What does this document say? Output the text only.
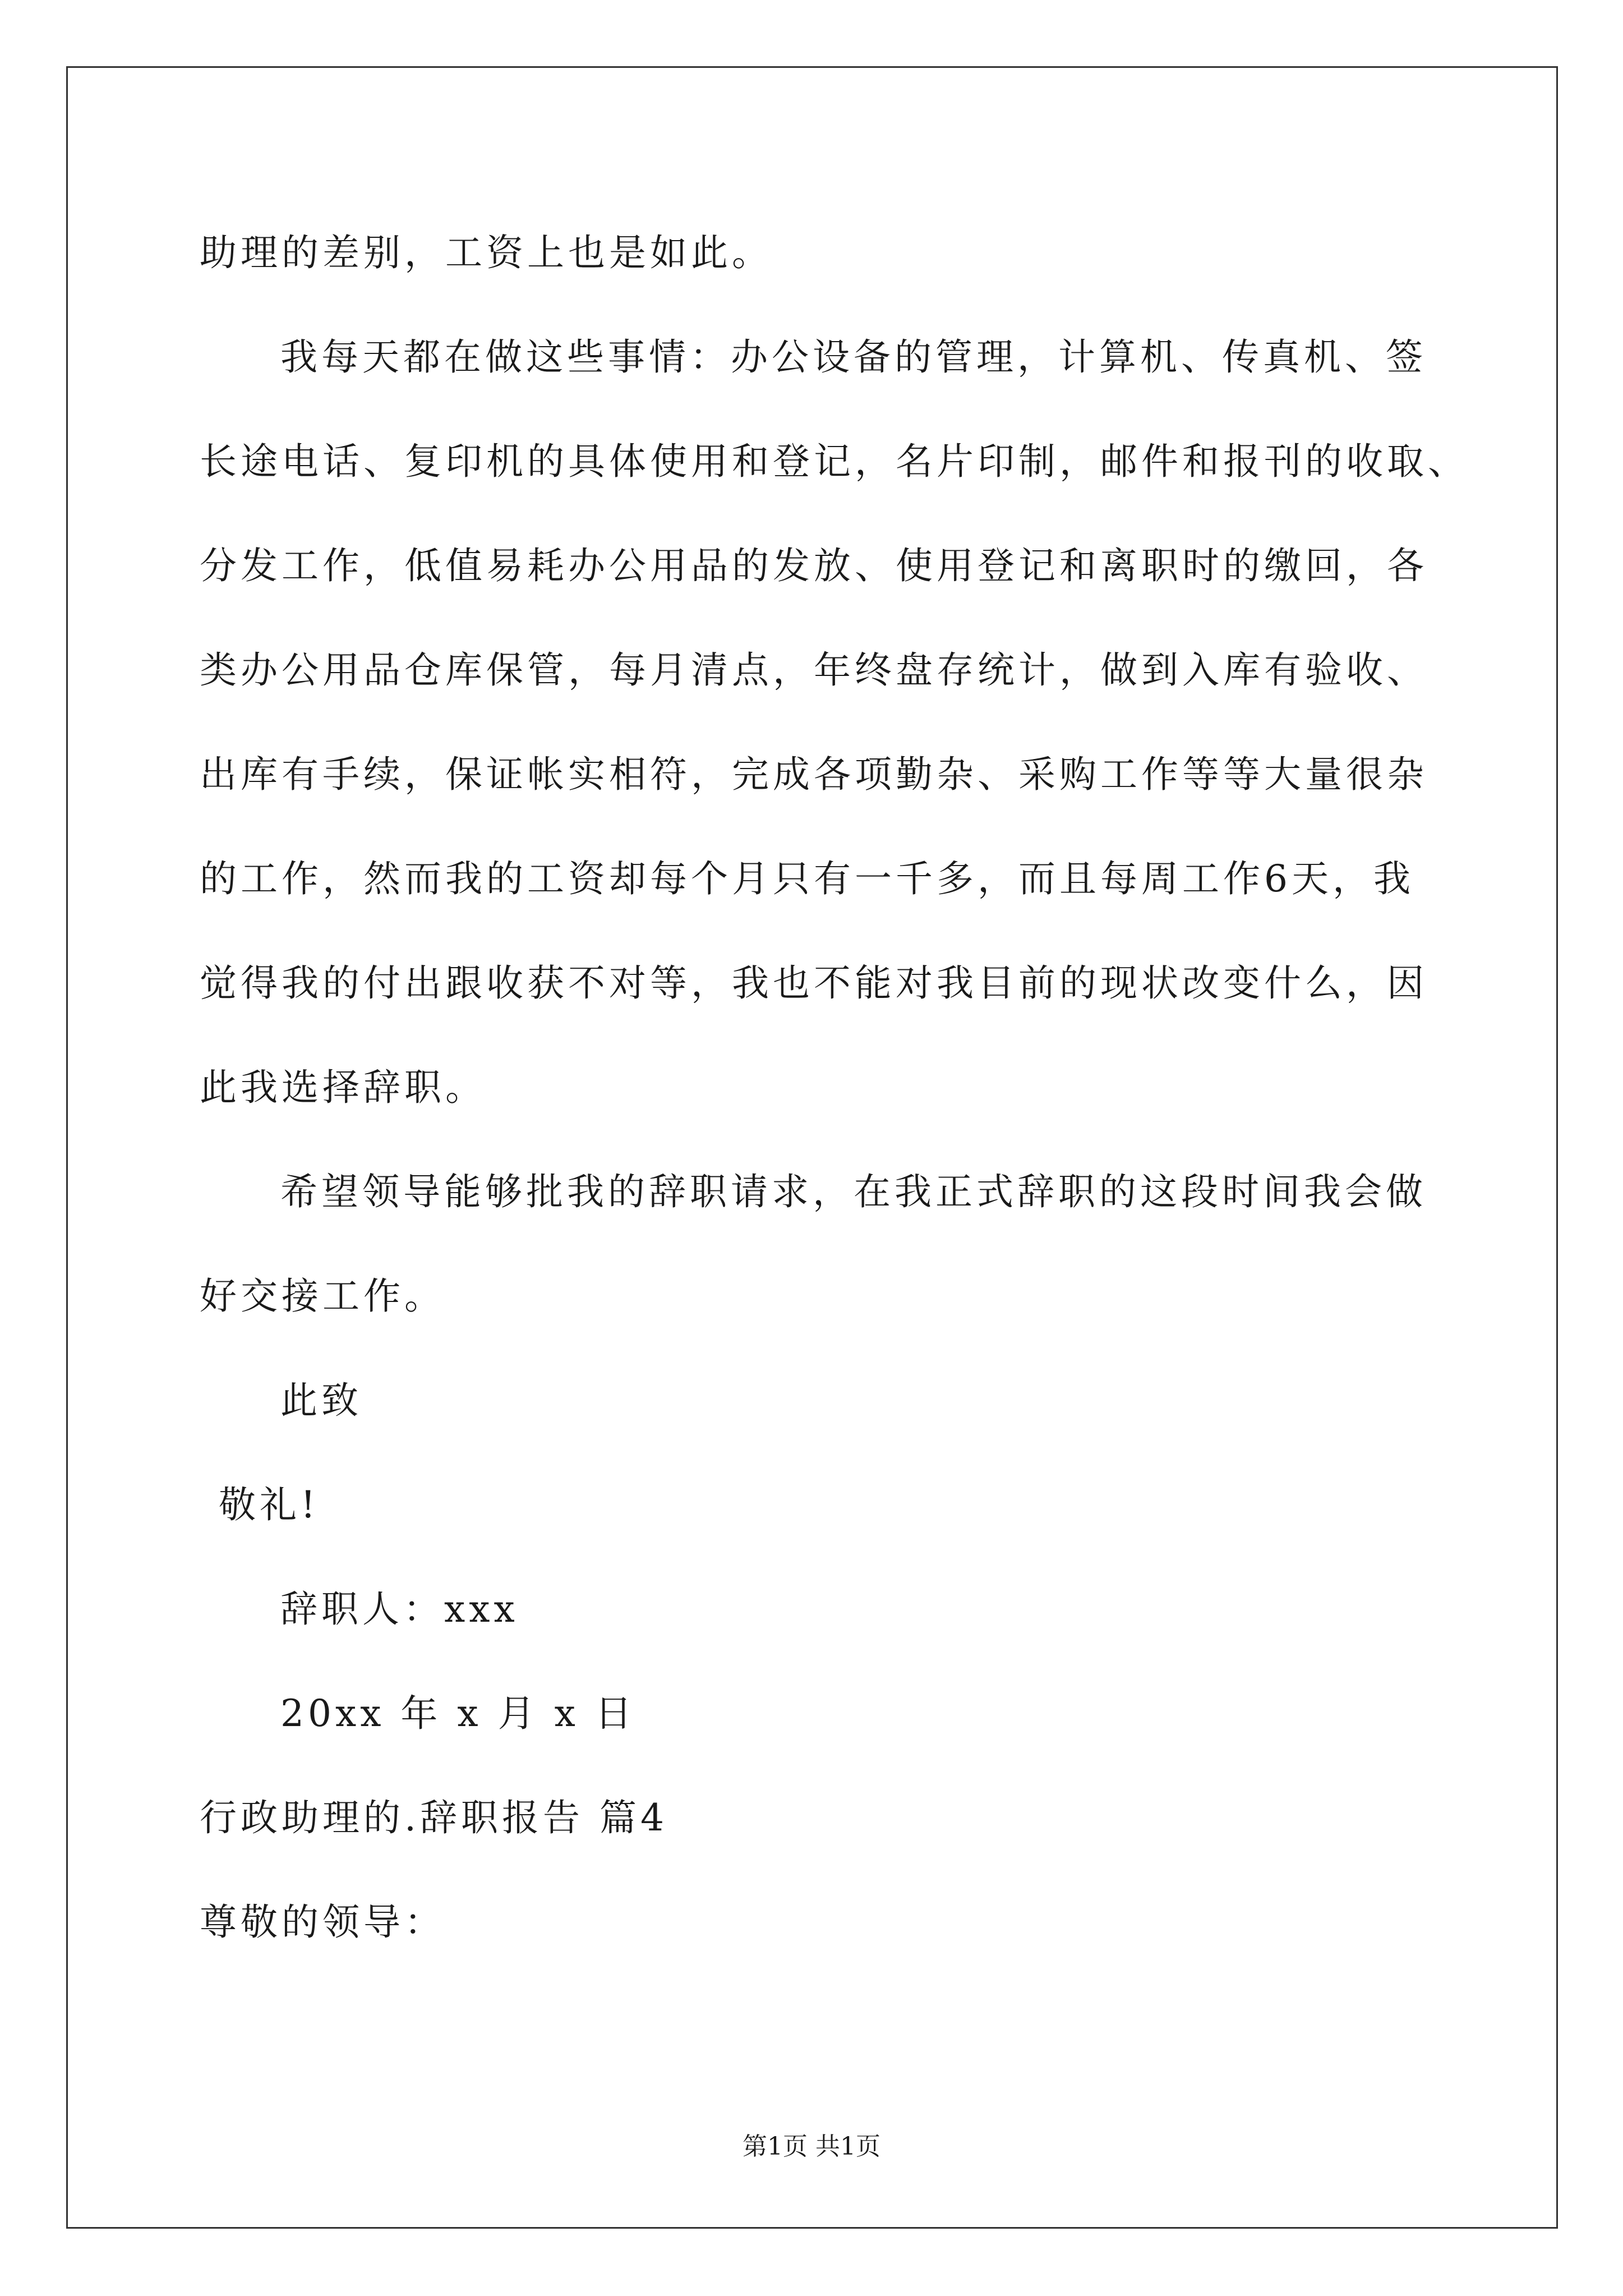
助理的差别，工资上也是如此。
我每天都在做这些事情：办公设备的管理，计算机、传真机、签
长途电话、复印机的具体使用和登记，名片印制，邮件和报刊的收取、
分发工作，低值易耗办公用品的发放、使用登记和离职时的缴回，各
类办公用品仓库保管，每月清点，年终盘存统计，做到入库有验收、
出库有手续，保证帐实相符，完成各项勤杂、采购工作等等大量很杂
的工作，然而我的工资却每个月只有一千多，而且每周工作6天，我
觉得我的付出跟收获不对等，我也不能对我目前的现状改变什么，因
此我选择辞职。
希望领导能够批我的辞职请求，在我正式辞职的这段时间我会做
好交接工作。
此致
敬礼!
辞职人：xxx
20xx 年 x 月 x 日
行政助理的.辞职报告 篇4
尊敬的领导：
第1页 共1页
